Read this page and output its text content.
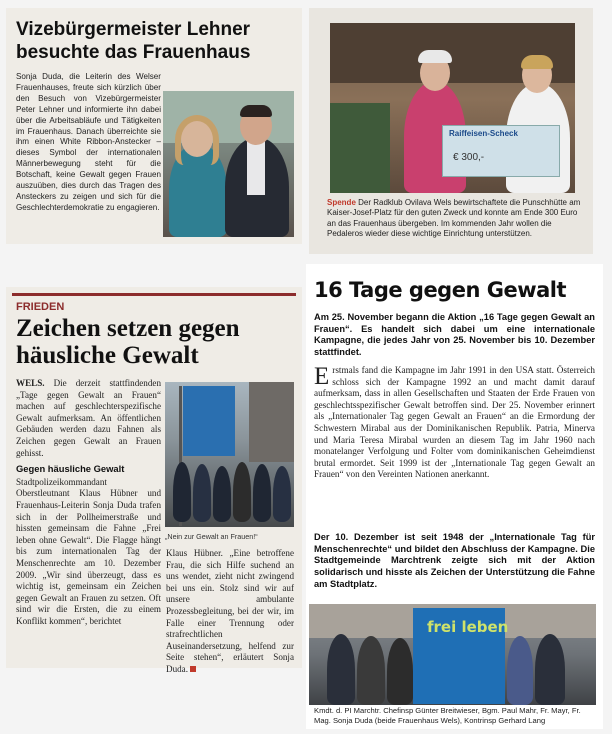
Vizebürgermeister Lehner besuchte das Frauenhaus
Sonja Duda, die Leiterin des Welser Frauenhauses, freute sich kürzlich über den Besuch von Vizebürgermeister Peter Lehner und informierte ihn dabei über die Arbeitsabläufe und Tätigkeiten im Frauenhaus. Danach überreichte sie ihm einen White Ribbon-Anstecker – dieses Symbol der internationalen Männerbewegung steht für die Botschaft, keine Gewalt gegen Frauen auszuüben, dies durch das Tragen des Ansteckers zu zeigen und sich für die Geschlechterdemokratie zu engagieren.
Raiffeisen-Scheck
€ 300,-
Spende Der Radklub Ovilava Wels bewirtschaftete die Punschhütte am Kaiser-Josef-Platz für den guten Zweck und konnte am Ende 300 Euro an das Frauenhaus übergeben. Im kommenden Jahr wollen die Pedaleros wieder diese wichtige Einrichtung unterstützen.
FRIEDEN
Zeichen setzen gegen häusliche Gewalt
WELS. Die derzeit stattfindenden „Tage gegen Gewalt an Frauen“ machen auf geschlechterspezifische Gewalt aufmerksam. An öffentlichen Gebäuden werden dazu Fahnen als Zeichen gegen Gewalt an Frauen gehisst.
Gegen häusliche Gewalt
Stadtpolizeikommandant Oberstleutnant Klaus Hübner und Frauenhaus-Leiterin Sonja Duda trafen sich in der Pollheimerstraße und hissten gemeinsam die Fahne „Frei leben ohne Gewalt“. Die Flagge hängt bis zum internationalen Tag der Menschenrechte am 10. Dezember 2009. „Wir sind überzeugt, dass es wichtig ist, gemeinsam ein Zeichen gegen Gewalt an Frauen zu setzen. Oft sind wir die Ersten, die zu einem Konflikt kommen“, berichtet
„Nein zur Gewalt an Frauen!“
Klaus Hübner. „Eine betroffene Frau, die sich Hilfe suchend an uns wendet, zieht nicht zwingend bei uns ein. Stolz sind wir auf unsere ambulante Prozessbegleitung, bei der wir, im Falle einer Trennung oder strafrechtlichen Auseinandersetzung, helfend zur Seite stehen“, erläutert Sonja Duda.
16 Tage gegen Gewalt
Am 25. November begann die Aktion „16 Tage gegen Gewalt an Frauen“. Es handelt sich dabei um eine internationale Kampagne, die jedes Jahr von 25. November bis 10. Dezember stattfindet.
Erstmals fand die Kampagne im Jahr 1991 in den USA statt. Österreich schloss sich der Kampagne 1992 an und macht damit darauf aufmerksam, dass in allen Gesellschaften und Staaten der Erde Frauen von geschlechtsspezifischer Gewalt betroffen sind. Der 25. November erinnert als „Internationaler Tag gegen Gewalt an Frauen“ an die Ermordung der Schwestern Mirabal aus der Dominikanischen Republik. Patria, Minerva und Maria Teresa Mirabal wurden an diesem Tag im Jahr 1960 nach monatelanger Verfolgung und Folter vom dominikanischen Geheimdienst brutal ermordet. Seit 1999 ist der „Internationale Tag gegen Gewalt an Frauen“ von den Vereinten Nationen anerkannt.
Der 10. Dezember ist seit 1948 der „Internationale Tag für Menschenrechte“ und bildet den Abschluss der Kampagne. Die Stadtgemeinde Marchtrenk zeigte sich mit der Aktion solidarisch und hisste als Zeichen der Unterstützung die Fahne am Stadtplatz.
frei leben
Kmdt. d. PI Marchtr. Chefinsp Günter Breitwieser, Bgm. Paul Mahr, Fr. Mayr, Fr. Mag. Sonja Duda (beide Frauenhaus Wels), Kontrinsp Gerhard Lang
